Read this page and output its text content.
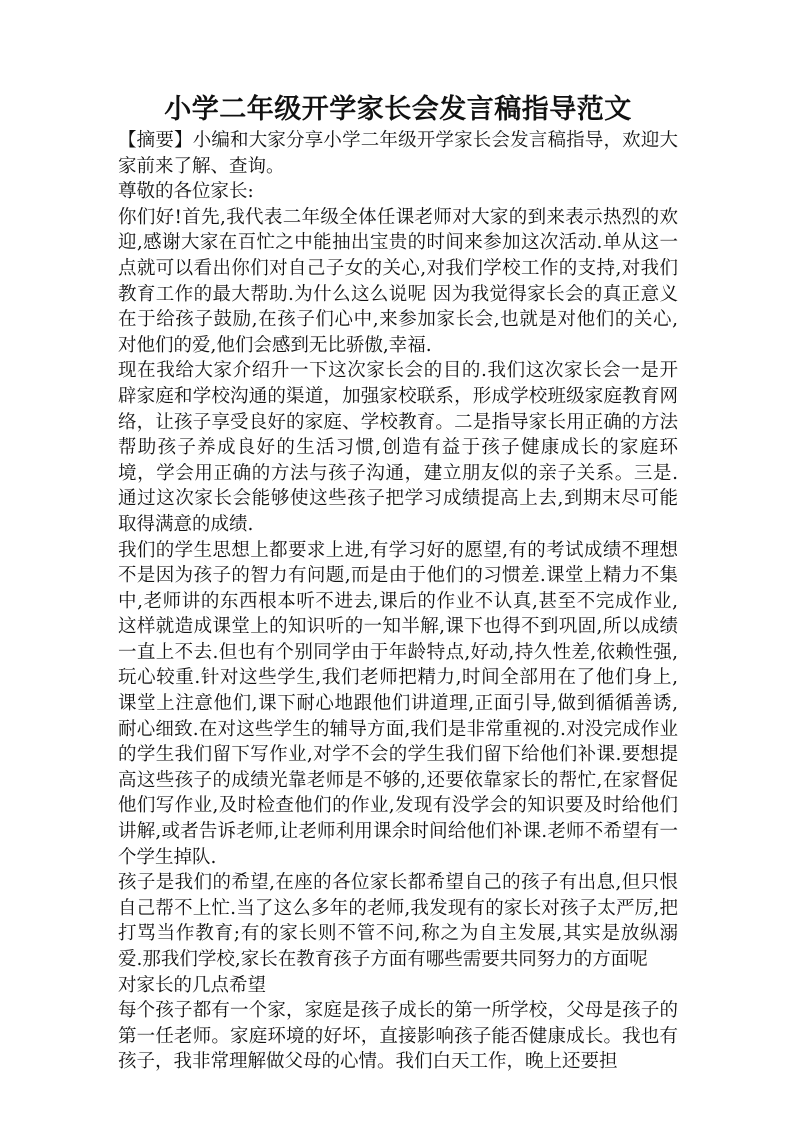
小学二年级开学家长会发言稿指导范文

【摘要】小编和大家分享小学二年级开学家长会发言稿指导，欢迎大家前来了解、查询。

尊敬的各位家长:

你们好!首先,我代表二年级全体任课老师对大家的到来表示热烈的欢迎,感谢大家在百忙之中能抽出宝贵的时间来参加这次活动.单从这一点就可以看出你们对自己子女的关心,对我们学校工作的支持,对我们教育工作的最大帮助.为什么这么说呢 因为我觉得家长会的真正意义在于给孩子鼓励,在孩子们心中,来参加家长会,也就是对他们的关心,对他们的爱,他们会感到无比骄傲,幸福.

现在我给大家介绍升一下这次家长会的目的.我们这次家长会一是开辟家庭和学校沟通的渠道，加强家校联系，形成学校班级家庭教育网络，让孩子享受良好的家庭、学校教育。二是指导家长用正确的方法帮助孩子养成良好的生活习惯,创造有益于孩子健康成长的家庭环境，学会用正确的方法与孩子沟通，建立朋友似的亲子关系。三是.通过这次家长会能够使这些孩子把学习成绩提高上去,到期末尽可能取得满意的成绩.

我们的学生思想上都要求上进,有学习好的愿望,有的考试成绩不理想不是因为孩子的智力有问题,而是由于他们的习惯差.课堂上精力不集中,老师讲的东西根本听不进去,课后的作业不认真,甚至不完成作业,这样就造成课堂上的知识听的一知半解,课下也得不到巩固,所以成绩一直上不去.但也有个别同学由于年龄特点,好动,持久性差,依赖性强,玩心较重.针对这些学生,我们老师把精力,时间全部用在了他们身上,课堂上注意他们,课下耐心地跟他们讲道理,正面引导,做到循循善诱,耐心细致.在对这些学生的辅导方面,我们是非常重视的.对没完成作业的学生我们留下写作业,对学不会的学生我们留下给他们补课.要想提高这些孩子的成绩光靠老师是不够的,还要依靠家长的帮忙,在家督促他们写作业,及时检查他们的作业,发现有没学会的知识要及时给他们讲解,或者告诉老师,让老师利用课余时间给他们补课.老师不希望有一个学生掉队.

孩子是我们的希望,在座的各位家长都希望自己的孩子有出息,但只恨自己帮不上忙.当了这么多年的老师,我发现有的家长对孩子太严厉,把打骂当作教育;有的家长则不管不问,称之为自主发展,其实是放纵溺爱.那我们学校,家长在教育孩子方面有哪些需要共同努力的方面呢

对家长的几点希望

每个孩子都有一个家，家庭是孩子成长的第一所学校，父母是孩子的第一任老师。家庭环境的好坏，直接影响孩子能否健康成长。我也有孩子，我非常理解做父母的心情。我们白天工作，晚上还要担
